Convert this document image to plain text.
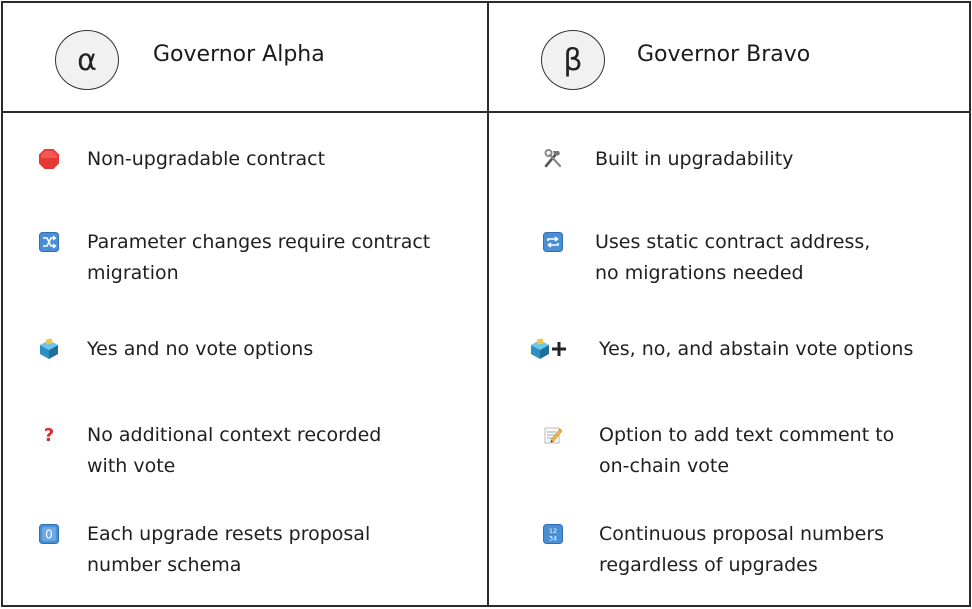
α	Governor Alpha
Non-upgradable contract
Parameter changes require contract
migration
Yes and no vote options
? No additional context recorded
with vote
0 Each upgrade resets proposal
number schema
β	Governor Bravo
Built in upgradability
Uses static contract address,
no migrations needed
Yes, no, and abstain vote options
Option to add text comment to
on-chain vote
12
34 Continuous proposal numbers
regardless of upgrades
